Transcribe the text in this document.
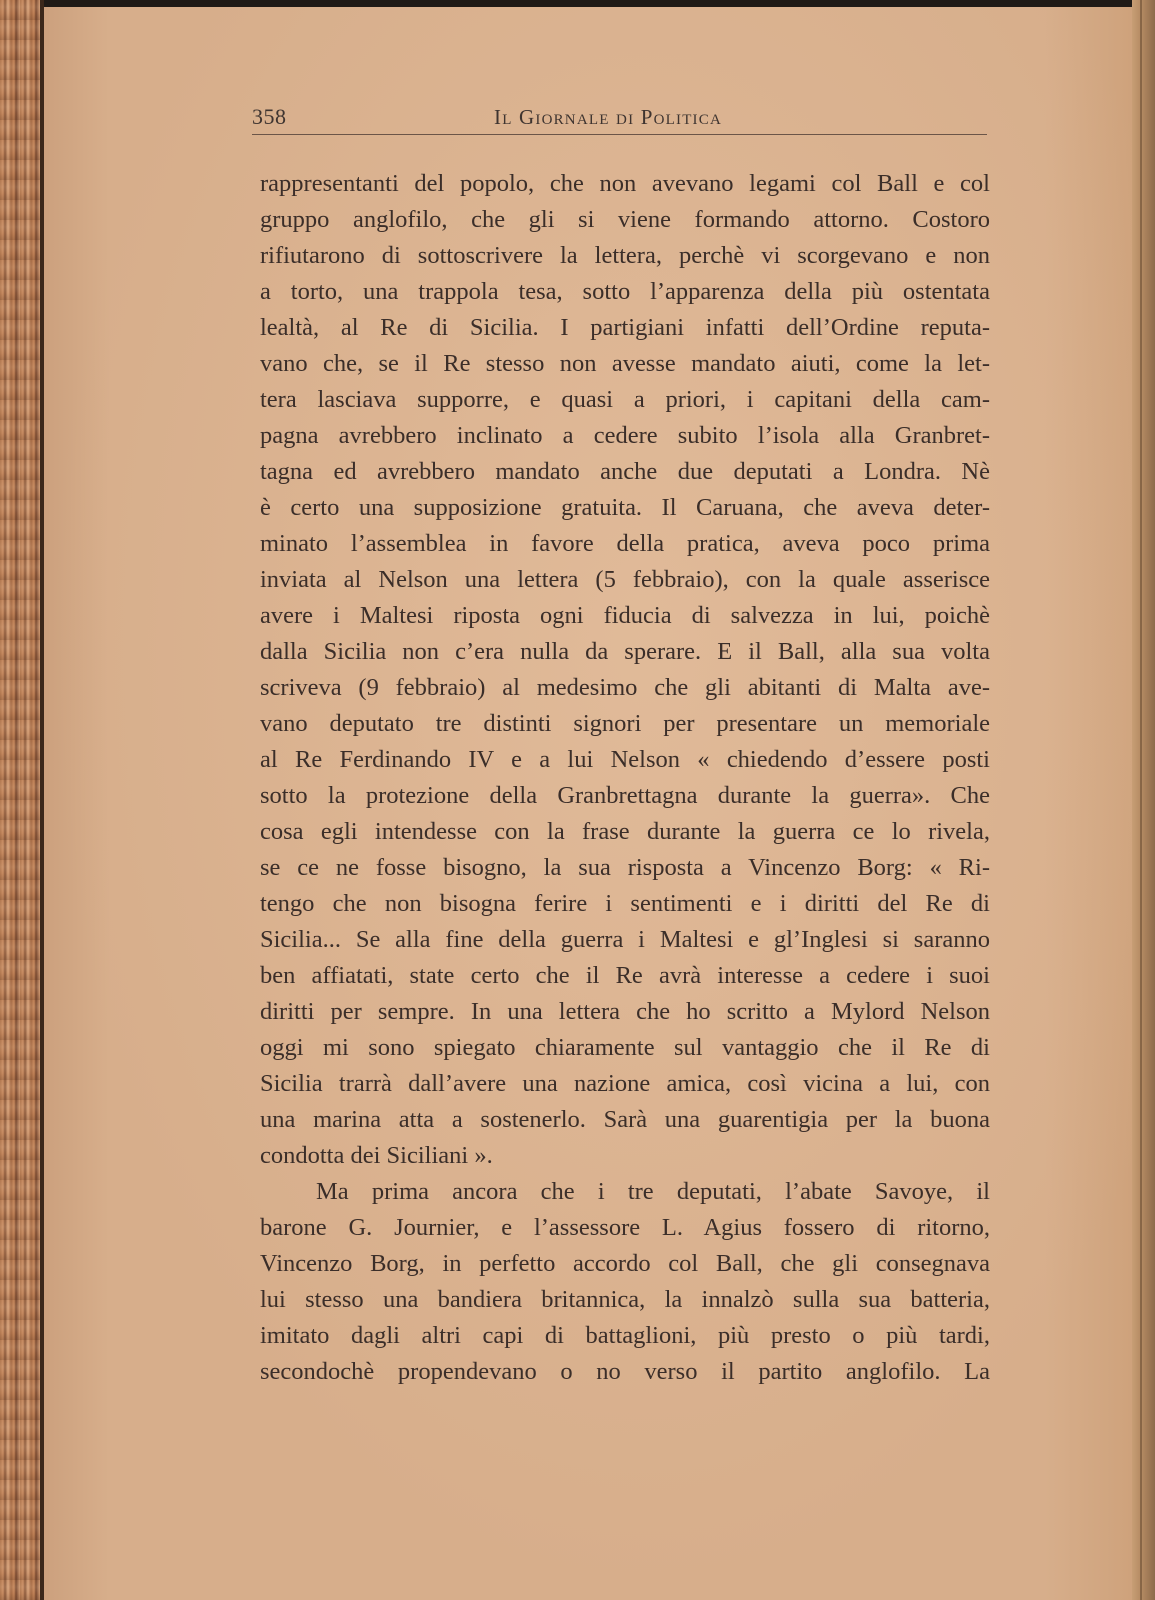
358	Il Giornale di Politica
rappresentanti del popolo, che non avevano legami col Ball e col
gruppo anglofilo, che gli si viene formando attorno. Costoro
rifiutarono di sottoscrivere la lettera, perchè vi scorgevano e non
a torto, una trappola tesa, sotto l’apparenza della più ostentata
lealtà, al Re di Sicilia. I partigiani infatti dell’Ordine reputa-
vano che, se il Re stesso non avesse mandato aiuti, come la let-
tera lasciava supporre, e quasi a priori, i capitani della cam-
pagna avrebbero inclinato a cedere subito l’isola alla Granbret-
tagna ed avrebbero mandato anche due deputati a Londra. Nè
è certo una supposizione gratuita. Il Caruana, che aveva deter-
minato l’assemblea in favore della pratica, aveva poco prima
inviata al Nelson una lettera (5 febbraio), con la quale asserisce
avere i Maltesi riposta ogni fiducia di salvezza in lui, poichè
dalla Sicilia non c’era nulla da sperare. E il Ball, alla sua volta
scriveva (9 febbraio) al medesimo che gli abitanti di Malta ave-
vano deputato tre distinti signori per presentare un memoriale
al Re Ferdinando IV e a lui Nelson « chiedendo d’essere posti
sotto la protezione della Granbrettagna durante la guerra». Che
cosa egli intendesse con la frase durante la guerra ce lo rivela,
se ce ne fosse bisogno, la sua risposta a Vincenzo Borg: « Ri-
tengo che non bisogna ferire i sentimenti e i diritti del Re di
Sicilia... Se alla fine della guerra i Maltesi e gl’Inglesi si saranno
ben affiatati, state certo che il Re avrà interesse a cedere i suoi
diritti per sempre. In una lettera che ho scritto a Mylord Nelson
oggi mi sono spiegato chiaramente sul vantaggio che il Re di
Sicilia trarrà dall’avere una nazione amica, così vicina a lui, con
una marina atta a sostenerlo. Sarà una guarentigia per la buona
condotta dei Siciliani ».
Ma prima ancora che i tre deputati, l’abate Savoye, il
barone G. Journier, e l’assessore L. Agius fossero di ritorno,
Vincenzo Borg, in perfetto accordo col Ball, che gli consegnava
lui stesso una bandiera britannica, la innalzò sulla sua batteria,
imitato dagli altri capi di battaglioni, più presto o più tardi,
secondochè propendevano o no verso il partito anglofilo. La
